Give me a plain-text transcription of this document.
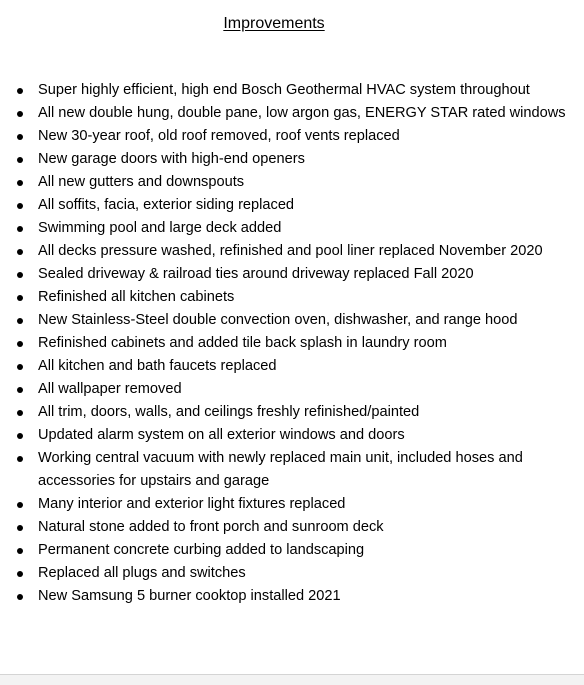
Improvements
Super highly efficient, high end Bosch Geothermal HVAC system throughout
All new double hung, double pane, low argon gas, ENERGY STAR rated windows
New 30-year roof, old roof removed, roof vents replaced
New garage doors with high-end openers
All new gutters and downspouts
All soffits, facia, exterior siding replaced
Swimming pool and large deck added
All decks pressure washed, refinished and pool liner replaced November 2020
Sealed driveway & railroad ties around driveway replaced Fall 2020
Refinished all kitchen cabinets
New Stainless-Steel double convection oven, dishwasher, and range hood
Refinished cabinets and added tile back splash in laundry room
All kitchen and bath faucets replaced
All wallpaper removed
All trim, doors, walls, and ceilings freshly refinished/painted
Updated alarm system on all exterior windows and doors
Working central vacuum with newly replaced main unit, included hoses and accessories for upstairs and garage
Many interior and exterior light fixtures replaced
Natural stone added to front porch and sunroom deck
Permanent concrete curbing added to landscaping
Replaced all plugs and switches
New Samsung 5 burner cooktop installed 2021
